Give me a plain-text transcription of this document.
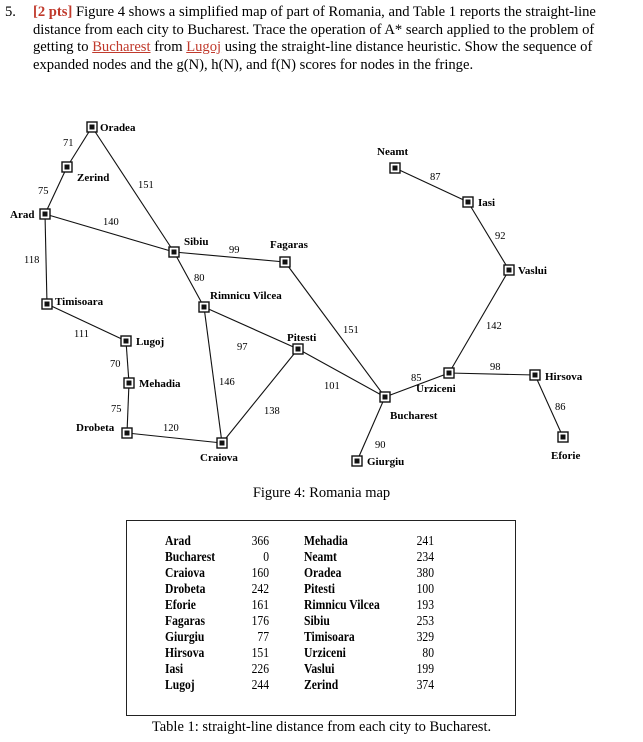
5. [2 pts] Figure 4 shows a simplified map of part of Romania, and Table 1 reports the straight-line distance from each city to Bucharest. Trace the operation of A* search applied to the problem of getting to Bucharest from Lugoj using the straight-line distance heuristic. Show the sequence of expanded nodes and the g(N), h(N), and f(N) scores for nodes in the fringe.
Oradea
Zerind
Arad
Timisoara
Lugoj
Mehadia
Drobeta
Craiova
Sibiu	Fagaras
Rimnicu Vilcea
Pitesti
Bucharest
Giurgiu
Urziceni
Hirsova
Eforie
Vaslui
Iasi
Neamt
71
75
151
140
118
111
70
75
120
99
80
97
146
138
101
151
90
85
98
86
142
92
87
Figure 4: Romania map
Arad
Bucharest
Craiova
Drobeta
Eforie
Fagaras
Giurgiu
Hirsova
Iasi
Lugoj
366
0
160
242
161
176
77
151
226
244
Mehadia
Neamt
Oradea
Pitesti
Rimnicu Vilcea
Sibiu
Timisoara
Urziceni
Vaslui
Zerind
241
234
380
100
193
253
329
80
199
374
Table 1: straight-line distance from each city to Bucharest.
